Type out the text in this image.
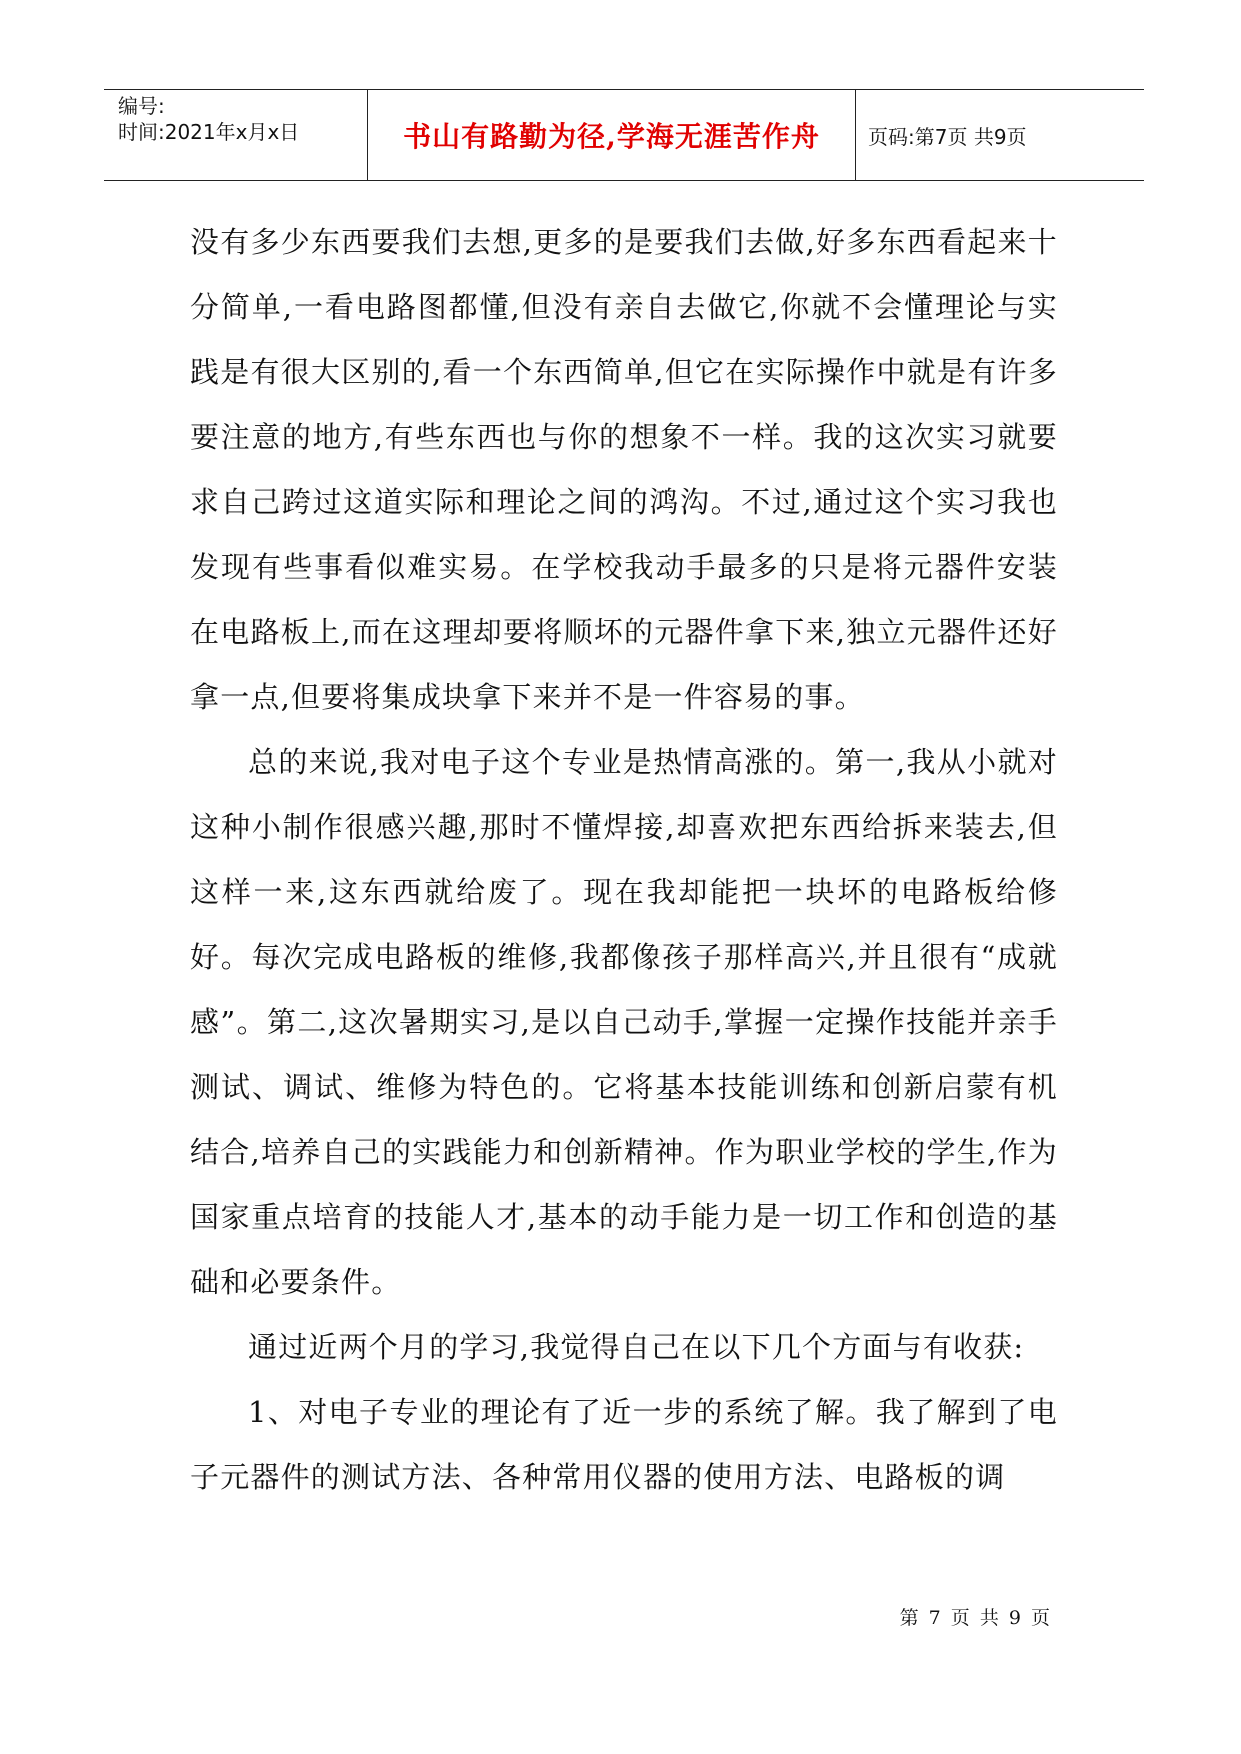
编号:
时间:2021年x月x日	书山有路勤为径,学海无涯苦作舟 页码:第7页 共9页

没有多少东西要我们去想,更多的是要我们去做,好多东西看起来十分简单,一看电路图都懂,但没有亲自去做它,你就不会懂理论与实践是有很大区别的,看一个东西简单,但它在实际操作中就是有许多要注意的地方,有些东西也与你的想象不一样。我的这次实习就要求自己跨过这道实际和理论之间的鸿沟。不过,通过这个实习我也发现有些事看似难实易。在学校我动手最多的只是将元器件安装在电路板上,而在这理却要将顺坏的元器件拿下来,独立元器件还好拿一点,但要将集成块拿下来并不是一件容易的事。

总的来说,我对电子这个专业是热情高涨的。第一,我从小就对这种小制作很感兴趣,那时不懂焊接,却喜欢把东西给拆来装去,但这样一来,这东西就给废了。现在我却能把一块坏的电路板给修好。每次完成电路板的维修,我都像孩子那样高兴,并且很有“成就感”。第二,这次暑期实习,是以自己动手,掌握一定操作技能并亲手测试、调试、维修为特色的。它将基本技能训练和创新启蒙有机结合,培养自己的实践能力和创新精神。作为职业学校的学生,作为国家重点培育的技能人才,基本的动手能力是一切工作和创造的基础和必要条件。

通过近两个月的学习,我觉得自己在以下几个方面与有收获:

1、对电子专业的理论有了近一步的系统了解。我了解到了电子元器件的测试方法、各种常用仪器的使用方法、电路板的调

第 7 页 共 9 页
